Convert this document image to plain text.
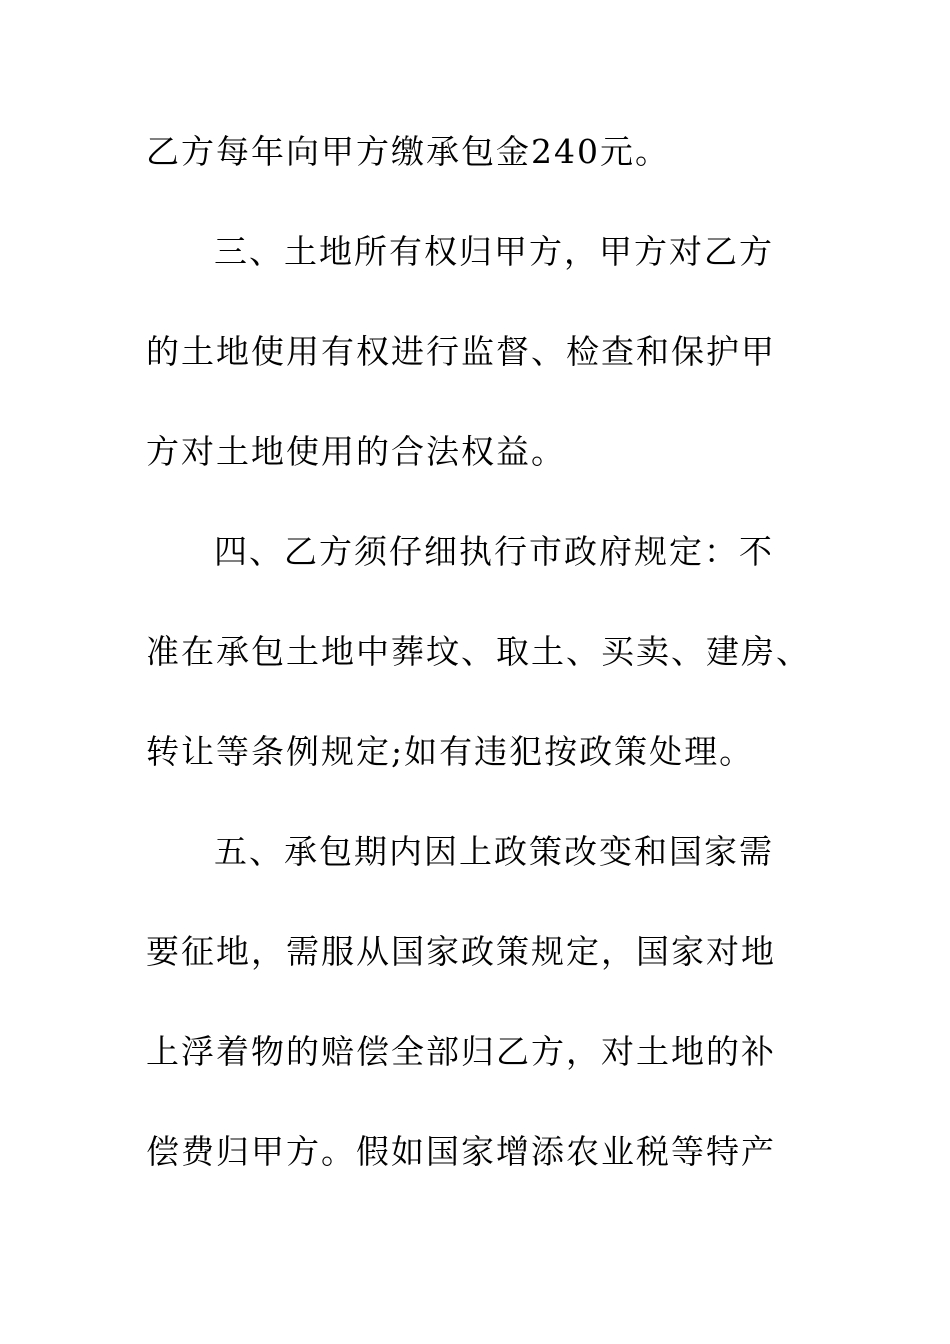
乙方每年向甲方缴承包金240元。
三、土地所有权归甲方，甲方对乙方
的土地使用有权进行监督、检查和保护甲
方对土地使用的合法权益。
四、乙方须仔细执行市政府规定：不
准在承包土地中葬坟、取土、买卖、建房、
转让等条例规定;如有违犯按政策处理。
五、承包期内因上政策改变和国家需
要征地，需服从国家政策规定，国家对地
上浮着物的赔偿全部归乙方，对土地的补
偿费归甲方。假如国家增添农业税等特产
